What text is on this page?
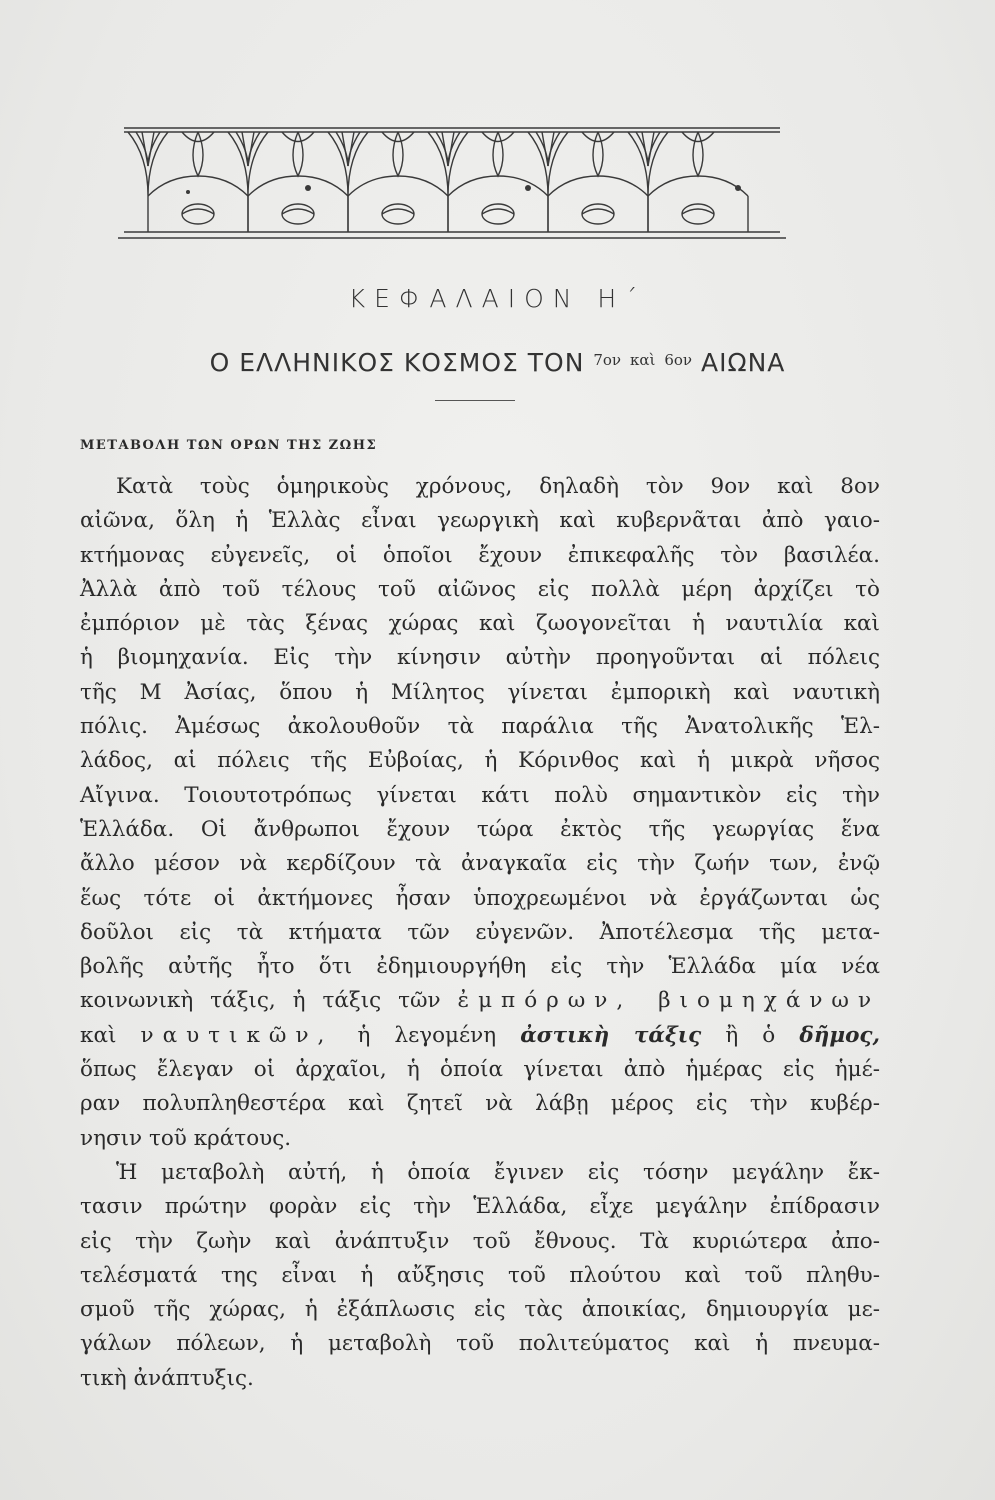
ΚΕΦΑΛΑΙΟΝ Η΄
Ο ΕΛΛΗΝΙΚΟΣ ΚΟΣΜΟΣ ΤΟΝ $^{7o\nu}$ $^{\kappa\alpha ὶ}$ $^{6o\nu}$ ΑΙΩΝΑ
ΜΕΤΑΒΟΛΗ ΤΩΝ ΟΡΩΝ ΤΗΣ ΖΩΗΣ
Κατὰ τοὺς ὁμηρικοὺς χρόνους, δηλαδὴ τὸν 9ον καὶ 8ον
αἰῶνα, ὅλη ἡ Ἑλλὰς εἶναι γεωργικὴ καὶ κυβερνᾶται ἀπὸ γαιο-
κτήμονας εὐγενεῖς, οἱ ὁποῖοι ἔχουν ἐπικεφαλῆς τὸν βασιλέα.
Ἀλλὰ ἀπὸ τοῦ τέλους τοῦ αἰῶνος εἰς πολλὰ μέρη ἀρχίζει τὸ
ἐμπόριον μὲ τὰς ξένας χώρας καὶ ζωογονεῖται ἡ ναυτιλία καὶ
ἡ βιομηχανία. Εἰς τὴν κίνησιν αὐτὴν προηγοῦνται αἱ πόλεις
τῆς Μ Ἀσίας, ὅπου ἡ Μίλητος γίνεται ἐμπορικὴ καὶ ναυτικὴ
πόλις. Ἀμέσως ἀκολουθοῦν τὰ παράλια τῆς Ἀνατολικῆς Ἑλ-
λάδος, αἱ πόλεις τῆς Εὐβοίας, ἡ Κόρινθος καὶ ἡ μικρὰ νῆσος
Αἴγινα. Τοιουτοτρόπως γίνεται κάτι πολὺ σημαντικὸν εἰς τὴν
Ἑλλάδα. Οἱ ἄνθρωποι ἔχουν τώρα ἐκτὸς τῆς γεωργίας ἕνα
ἄλλο μέσον νὰ κερδίζουν τὰ ἀναγκαῖα εἰς τὴν ζωήν των, ἐνῷ
ἕως τότε οἱ ἀκτήμονες ἦσαν ὑποχρεωμένοι νὰ ἐργάζωνται ὡς
δοῦλοι εἰς τὰ κτήματα τῶν εὐγενῶν. Ἀποτέλεσμα τῆς μετα-
βολῆς αὐτῆς ἦτο ὅτι ἐδημιουργήθη εἰς τὴν Ἑλλάδα μία νέα
κοινωνικὴ τάξις, ἡ τάξις τῶν ἐμπόρων, βιομηχάνων
καὶ ναυτικῶν, ἡ λεγομένη ἀστικὴ τάξις ἢ ὁ δῆμος,
ὅπως ἔλεγαν οἱ ἀρχαῖοι, ἡ ὁποία γίνεται ἀπὸ ἡμέρας εἰς ἡμέ-
ραν πολυπληθεστέρα καὶ ζητεῖ νὰ λάβῃ μέρος εἰς τὴν κυβέρ-
νησιν τοῦ κράτους.
Ἡ μεταβολὴ αὐτή, ἡ ὁποία ἔγινεν εἰς τόσην μεγάλην ἔκ-
τασιν πρώτην φορὰν εἰς τὴν Ἑλλάδα, εἶχε μεγάλην ἐπίδρασιν
εἰς τὴν ζωὴν καὶ ἀνάπτυξιν τοῦ ἔθνους. Τὰ κυριώτερα ἀπο-
τελέσματά της εἶναι ἡ αὔξησις τοῦ πλούτου καὶ τοῦ πληθυ-
σμοῦ τῆς χώρας, ἡ ἐξάπλωσις εἰς τὰς ἀποικίας, δημιουργία με-
γάλων πόλεων, ἡ μεταβολὴ τοῦ πολιτεύματος καὶ ἡ πνευμα-
τικὴ ἀνάπτυξις.
